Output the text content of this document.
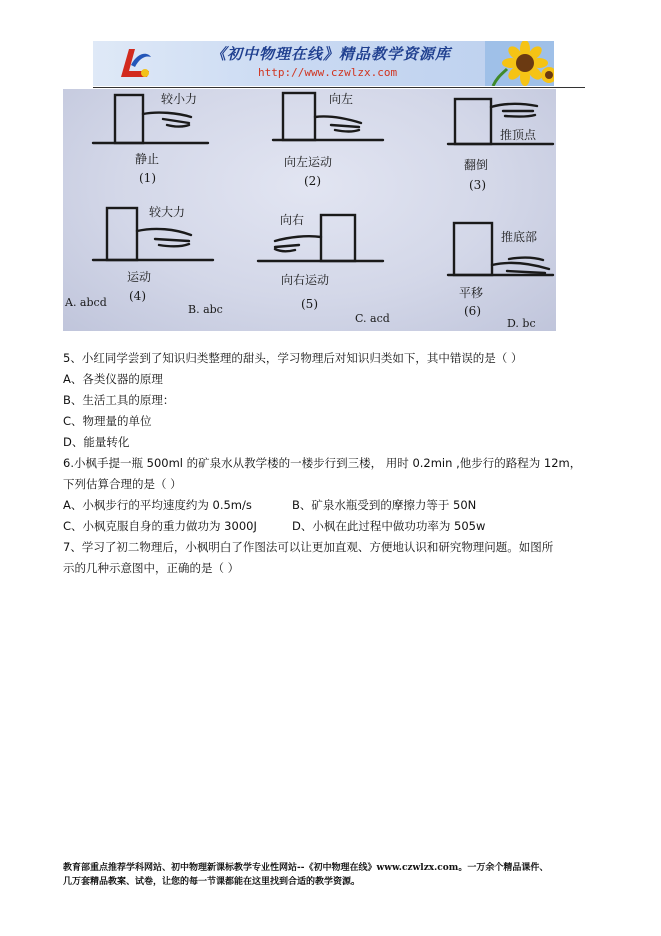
《初中物理在线》精品教学资源库
http://www.czwlzx.com
较小力
静止
(1)
向左
向左运动
(2)
推顶点
翻倒
(3)
较大力
运动
(4)
向右
向右运动
(5)
推底部
平移
(6)
A. abcd
B. abc
C. acd	D. bc
5、小红同学尝到了知识归类整理的甜头，学习物理后对知识归类如下，其中错误的是（ ）
A、各类仪器的原理
B、生活工具的原理：
C、物理量的单位
D、能量转化
6.小枫手提一瓶 500ml 的矿泉水从教学楼的一楼步行到三楼， 用时 0.2min ,他步行的路程为 12m，
下列估算合理的是（ ）
A、小枫步行的平均速度约为 0.5m/s	B、矿泉水瓶受到的摩擦力等于 50N
C、小枫克服自身的重力做功为 3000J	D、小枫在此过程中做功功率为 505w
7、学习了初二物理后，小枫明白了作图法可以让更加直观、方便地认识和研究物理问题。如图所
示的几种示意图中，正确的是（ ）
教育部重点推荐学科网站、初中物理新课标教学专业性网站--《初中物理在线》www.czwlzx.com。一万余个精品课件、
几万套精品教案、试卷，让您的每一节课都能在这里找到合适的教学资源。
